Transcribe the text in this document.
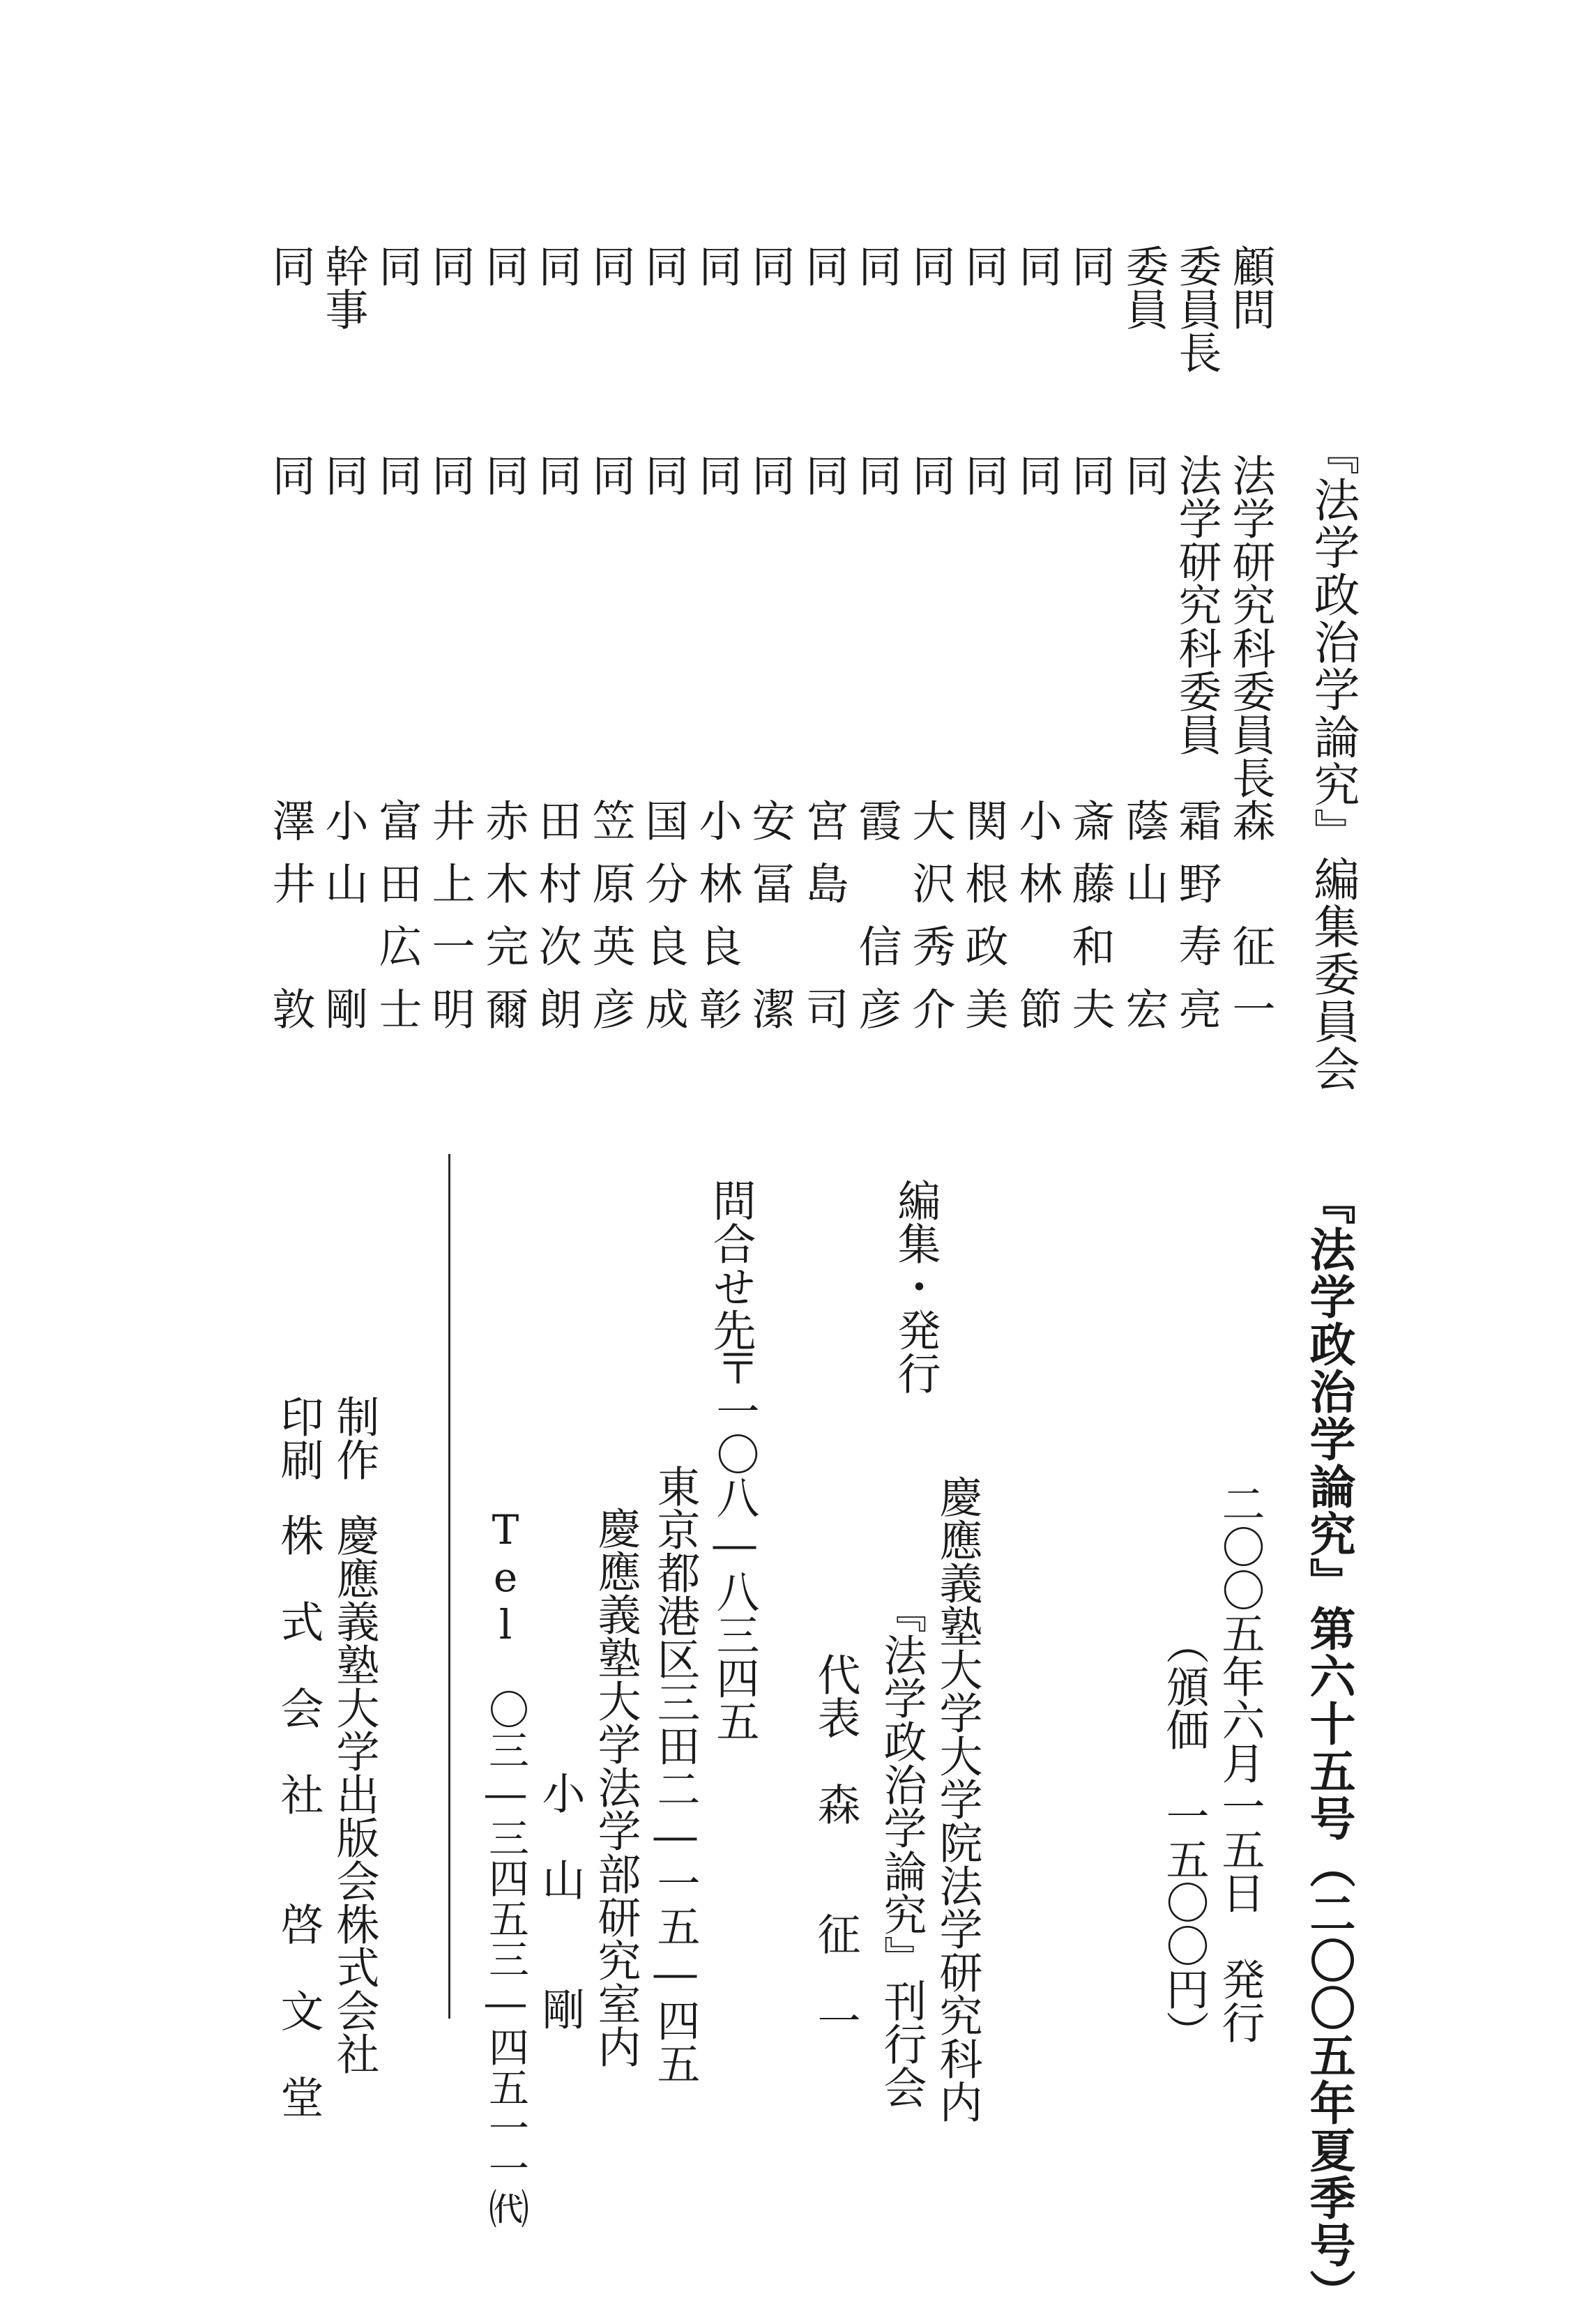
『法学政治学論究』編集委員会
顧問
法学研究科委員長
森　征一
委員長
法学研究科委員
霜野寿亮
委員
同
蔭山　宏
同
同
斎藤和夫
同
同
小林　節
同
同
関根政美
同
同
大沢秀介
同
同
霞　信彦
同
同
宮島　司
同
同
安冨　潔
同
同
小林良彰
同
同
国分良成
同
同
笠原英彦
同
同
田村次朗
同
同
赤木完爾
同
同
井上一明
同
同
富田広士
幹事
同
小山　剛
同
同
澤井　敦
『法学政治学論究』第六十五号（二〇〇五年夏季号）
二〇〇五年六月一五日　発行
（頒価　一五〇〇円）
編集・発行
慶應義塾大学大学院法学研究科内
『法学政治学論究』刊行会
代表　森　　征　一
問合せ先
〒一〇八―八三四五
東京都港区三田二―一五―四五
慶應義塾大学法学部研究室内
小　山　　剛
Tel　〇三―三四五三―四五一一㈹
制作
慶應義塾大学出版会株式会社
印刷
株　式　会　社　　啓　文　堂
